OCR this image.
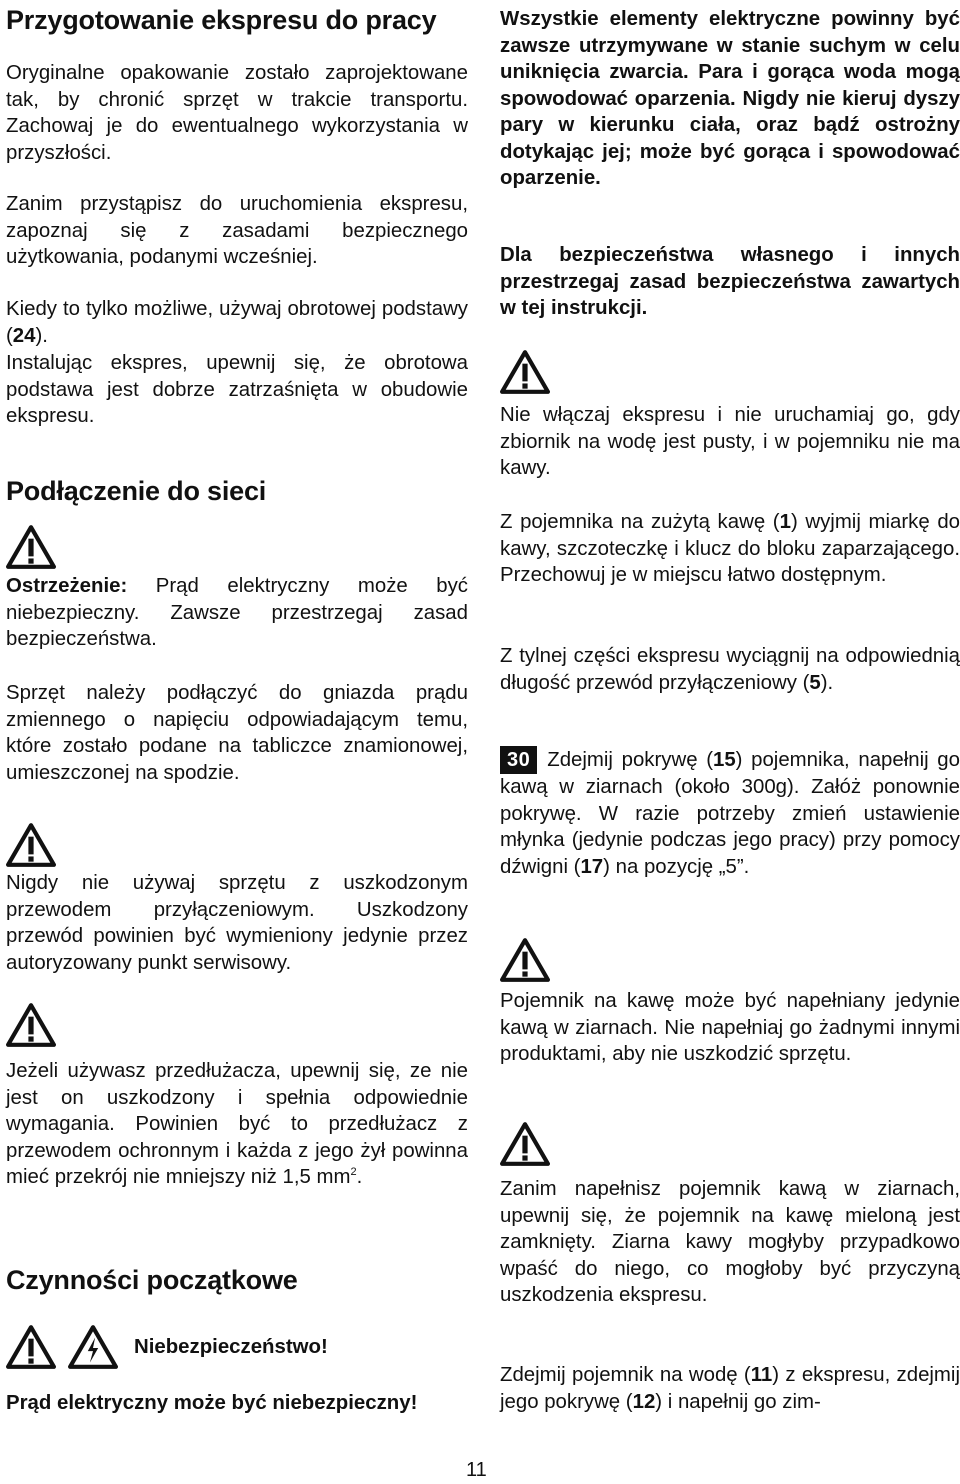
Przygotowanie ekspresu do pracy

Oryginalne opakowanie zostało zaprojektowane tak, by chronić sprzęt w trakcie transportu. Zachowaj je do ewentualnego wykorzystania w przyszłości.

Zanim przystąpisz do uruchomienia ekspresu, zapoznaj się z zasadami bezpiecznego użytkowania, podanymi wcześniej.

Kiedy to tylko możliwe, używaj obrotowej podstawy (24).

Instalując ekspres, upewnij się, że obrotowa podstawa jest dobrze zatrzaśnięta w obudowie ekspresu.

Podłączenie do sieci

Ostrzeżenie: Prąd elektryczny może być niebezpieczny. Zawsze przestrzegaj zasad bezpieczeństwa.

Sprzęt należy podłączyć do gniazda prądu zmiennego o napięciu odpowiadającym temu, które zostało podane na tabliczce znamionowej, umieszczonej na spodzie.

Nigdy nie używaj sprzętu z uszkodzonym przewodem przyłączeniowym. Uszkodzony przewód powinien być wymieniony jedynie przez autoryzowany punkt serwisowy.

Jeżeli używasz przedłużacza, upewnij się, ze nie jest on uszkodzony i spełnia odpowiednie wymagania. Powinien być to przedłużacz z przewodem ochronnym i każda z jego żył powinna mieć przekrój nie mniejszy niż 1,5 $mm^2$.

Czynności początkowe
Niebezpieczeństwo!

Prąd elektryczny może być niebezpieczny!

Wszystkie elementy elektryczne powinny być zawsze utrzymywane w stanie suchym w celu uniknięcia zwarcia. Para i gorąca woda mogą spowodować oparzenia. Nigdy nie kieruj dyszy pary w kierunku ciała, oraz bądź ostrożny dotykając jej; może być gorąca i spowodować oparzenie.

Dla bezpieczeństwa własnego i innych przestrzegaj zasad bezpieczeństwa zawartych w tej instrukcji.

Nie włączaj ekspresu i nie uruchamiaj go, gdy zbiornik na wodę jest pusty, i w pojemniku nie ma kawy.

Z pojemnika na zużytą kawę (1) wyjmij miarkę do kawy, szczoteczkę i klucz do bloku zaparzającego. Przechowuj je w miejscu łatwo dostępnym.

Z tylnej części ekspresu wyciągnij na odpowiednią długość przewód przyłączeniowy (5).

30 Zdejmij pokrywę (15) pojemnika, napełnij go kawą w ziarnach (około 300g). Załóż ponownie pokrywę. W razie potrzeby zmień ustawienie młynka (jedynie podczas jego pracy) przy pomocy dźwigni (17) na pozycję „5”.

Pojemnik na kawę może być napełniany jedynie kawą w ziarnach. Nie napełniaj go żadnymi innymi produktami, aby nie uszkodzić sprzętu.

Zanim napełnisz pojemnik kawą w ziarnach, upewnij się, że pojemnik na kawę mieloną jest zamknięty. Ziarna kawy mogłyby przypadkowo wpaść do niego, co mogłoby być przyczyną uszkodzenia ekspresu.

Zdejmij pojemnik na wodę (11) z ekspresu, zdejmij jego pokrywę (12) i napełnij go zim-

11
